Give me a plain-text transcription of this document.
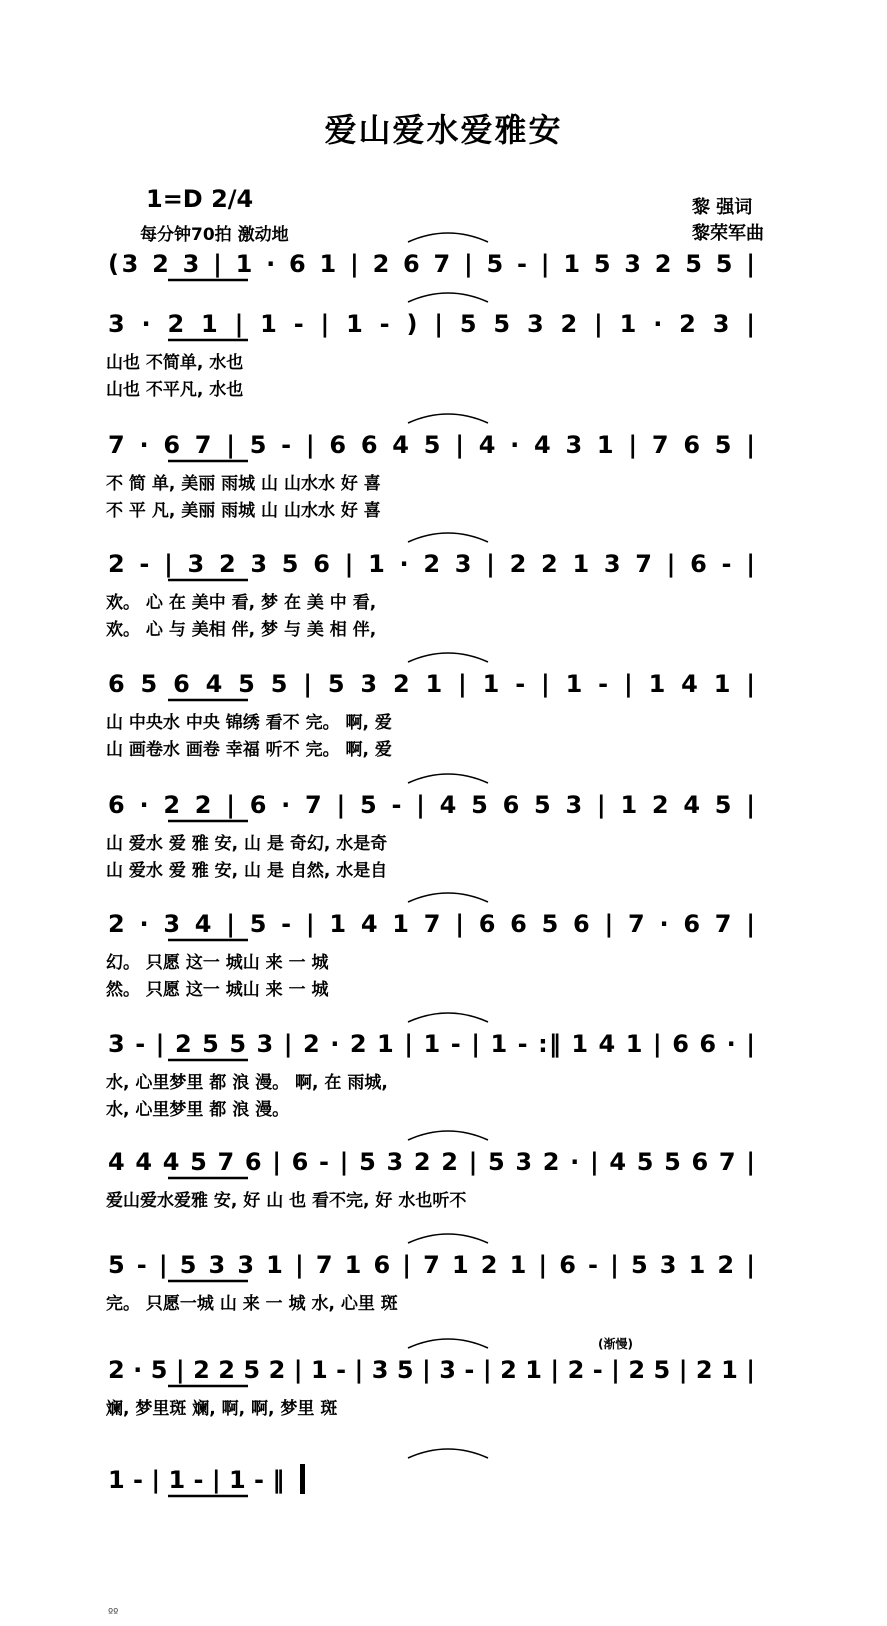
爱山爱水爱雅安
1=D 2/4
每分钟70拍 激动地
黎 强词
黎荣军曲
ºº
(3 2 3 | 1 · 6 1 | 2 6 7 | 5 - | 1 5 3 2 5 5 |
3 · 2 1 | 1 - | 1 - ) | 5 5 3 2 | 1 · 2 3 |
山也 不简单, 水也
山也 不平凡, 水也
7 · 6 7 | 5 - | 6 6 4 5 | 4 · 4 3 1 | 7 6 5 |
不 简 单, 美丽 雨城 山 山水水 好 喜
不 平 凡, 美丽 雨城 山 山水水 好 喜
2 - | 3 2 3 5 6 | 1 · 2 3 | 2 2 1 3 7 | 6 - |
欢。 心 在 美中 看, 梦 在 美 中 看,
欢。 心 与 美相 伴, 梦 与 美 相 伴,
6 5 6 4 5 5 | 5 3 2 1 | 1 - | 1 - | 1 4 1 |
山 中央水 中央 锦绣 看不 完。 啊, 爱
山 画卷水 画卷 幸福 听不 完。 啊, 爱
6 · 2 2 | 6 · 7 | 5 - | 4 5 6 5 3 | 1 2 4 5 |
山 爱水 爱 雅 安, 山 是 奇幻, 水是奇
山 爱水 爱 雅 安, 山 是 自然, 水是自
2 · 3 4 | 5 - | 1 4 1 7 | 6 6 5 6 | 7 · 6 7 |
幻。 只愿 这一 城山 来 一 城
然。 只愿 这一 城山 来 一 城
3 - | 2 5 5 3 | 2 · 2 1 | 1 - | 1 - :‖ 1 4 1 | 6 6 · |
水, 心里梦里 都 浪 漫。 啊, 在 雨城,
水, 心里梦里 都 浪 漫。
4 4 4 5 7 6 | 6 - | 5 3 2 2 | 5 3 2 · | 4 5 5 6 7 |
爱山爱水爱雅 安, 好 山 也 看不完, 好 水也听不
5 - | 5 3 3 1 | 7 1 6 | 7 1 2 1 | 6 - | 5 3 1 2 |
完。 只愿一城 山 来 一 城 水, 心里 斑
2 · 5 | 2 2 5 2 | 1 - | 3 5 | 3 - | 2 1 | 2 - | 2 5 | 2 1 |
(渐慢)
斓, 梦里斑 斓, 啊, 啊, 梦里 斑
1 - | 1 - | 1 - ‖
